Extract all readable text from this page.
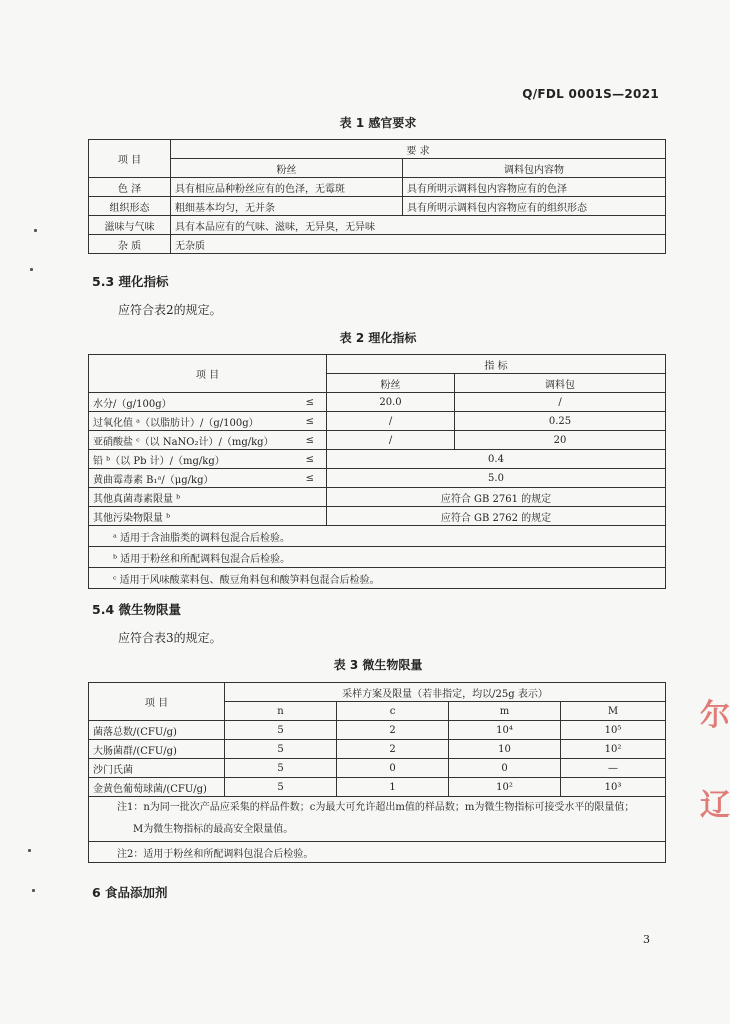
Q/FDL 0001S—2021
表 1 感官要求
项 目	要 求	
	粉丝	调料包内容物
色 泽	具有相应品种粉丝应有的色泽，无霉斑	具有所明示调料包内容物应有的色泽
组织形态	粗细基本均匀，无并条	具有所明示调料包内容物应有的组织形态
滋味与气味	具有本品应有的气味、滋味，无异臭，无异味	
杂 质	无杂质	
5.3 理化指标
应符合表2的规定。
表 2 理化指标
项 目		指 标	
		粉丝	调料包
水分/（g/100g）	≤	20.0	/
过氧化值 ᵃ（以脂肪计）/（g/100g）	≤	/	0.25
亚硝酸盐 ᶜ（以 NaNO₂计）/（mg/kg）	≤	/	20
铅 ᵇ（以 Pb 计）/（mg/kg）	≤	0.4	
黄曲霉毒素 B₁ᵃ/（μg/kg）	≤	5.0	
其他真菌毒素限量 ᵇ		应符合 GB 2761 的规定	
其他污染物限量 ᵇ		应符合 GB 2762 的规定	
ᵃ 适用于含油脂类的调料包混合后检验。			
ᵇ 适用于粉丝和所配调料包混合后检验。			
ᶜ 适用于风味酸菜料包、酸豆角料包和酸笋料包混合后检验。			
5.4 微生物限量
应符合表3的规定。
表 3 微生物限量
项 目	采样方案及限量（若非指定，均以/25g 表示）			
	n	c	m	M
菌落总数/(CFU/g)	5	2	10⁴	10⁵
大肠菌群/(CFU/g)	5	2	10	10²
沙门氏菌	5	0	0	—
金黄色葡萄球菌/(CFU/g)	5	1	10²	10³
注1：n为同一批次产品应采集的样品件数；c为最大可允许超出m值的样品数；m为微生物指标可接受水平的限量值；
M为微生物指标的最高安全限量值。				
注2：适用于粉丝和所配调料包混合后检验。				
6 食品添加剂
3
尔
辽
